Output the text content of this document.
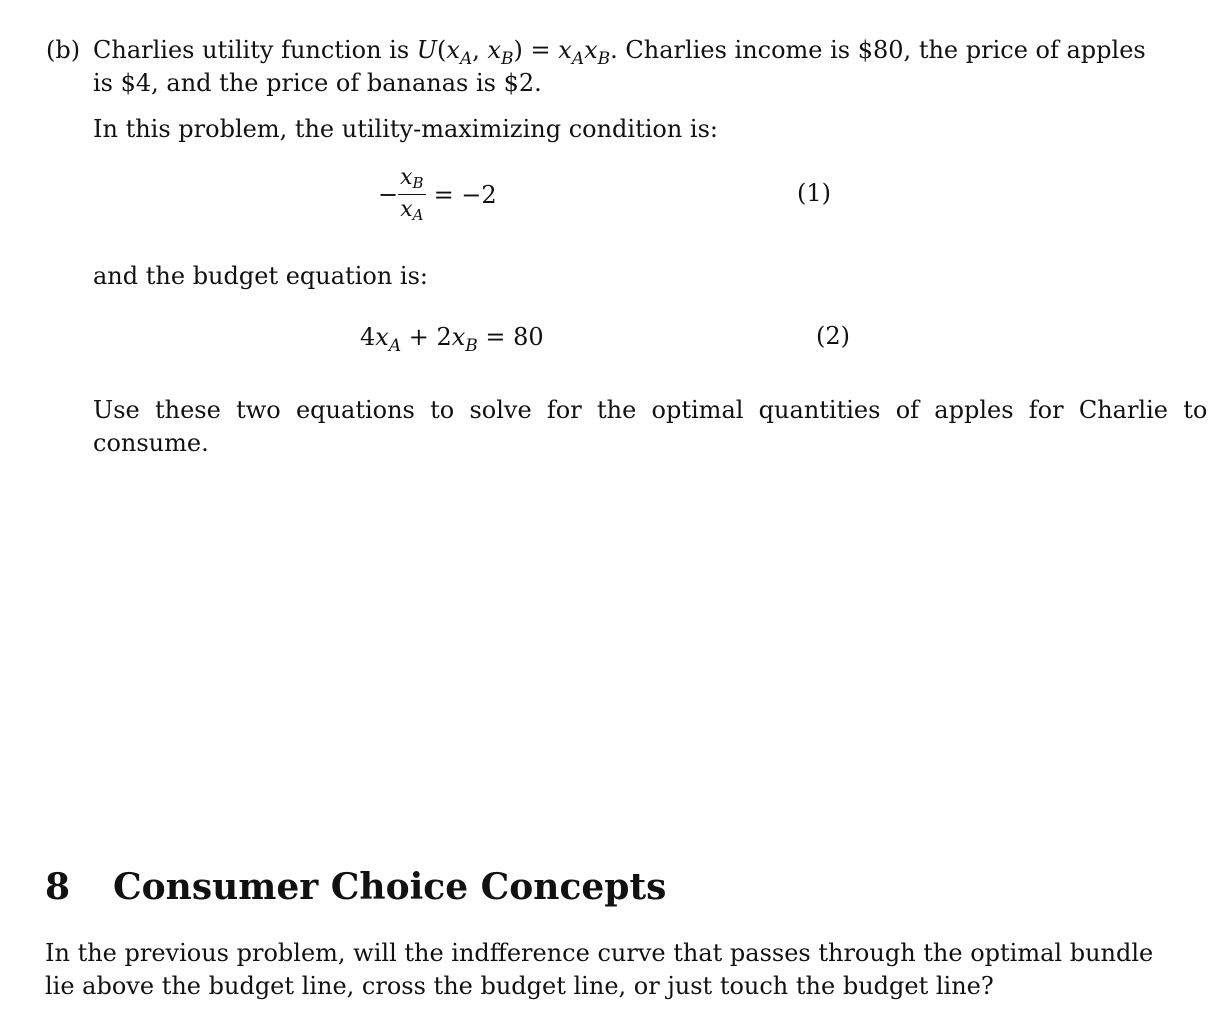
(b) Charlies utility function is $U(x_A$, $x_B) = x_Ax_B$. Charlies income is $80, the price of apples
is $4, and the price of bananas is $2.
In this problem, the utility-maximizing condition is:
− $\frac{xB}{xA} = -2$	(1)
and the budget equation is:
$4x_A + 2x_B = 80$	(2)
Use  these  two  equations  to  solve  for  the  optimal  quantities  of  apples  for  Charlie  to
consume.
8 Consumer Choice Concepts
In the previous problem, will the indfference curve that passes through the optimal bundle
lie above the budget line, cross the budget line, or just touch the budget line?
